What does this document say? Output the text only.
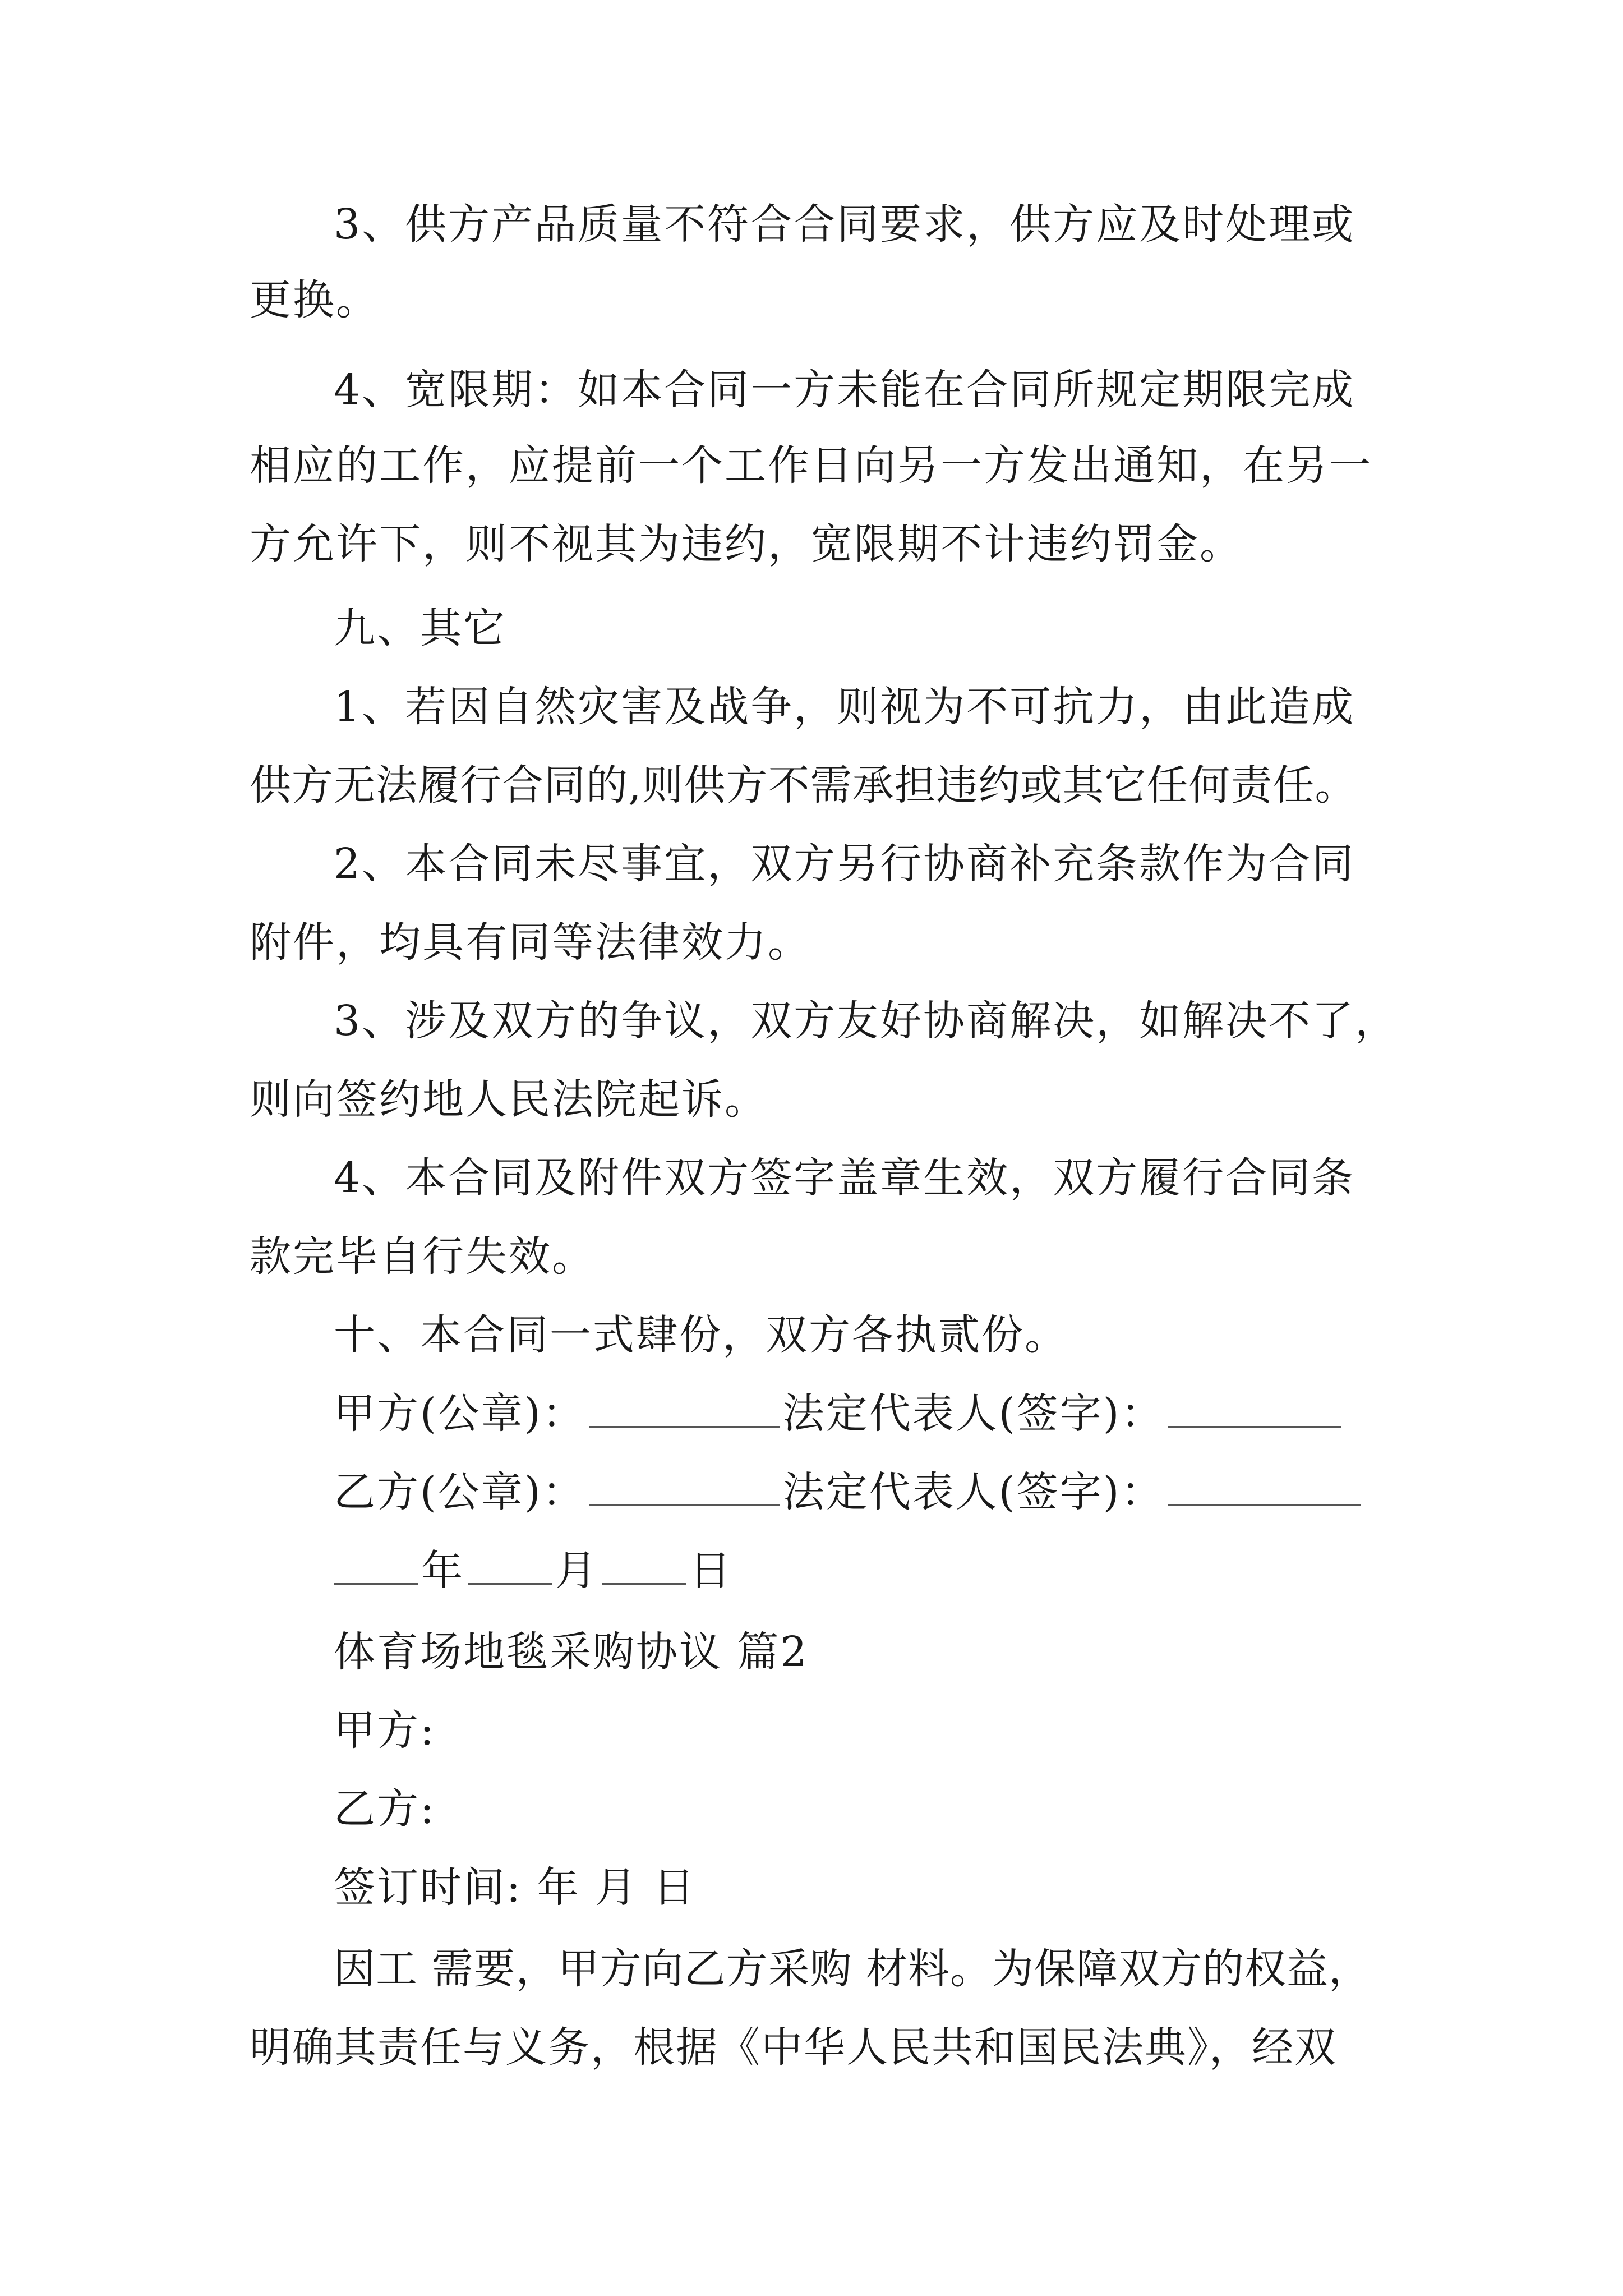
3、供方产品质量不符合合同要求，供方应及时处理或
更换。
4、宽限期：如本合同一方未能在合同所规定期限完成
相应的工作，应提前一个工作日向另一方发出通知，在另一
方允许下，则不视其为违约，宽限期不计违约罚金。
九、其它
1、若因自然灾害及战争，则视为不可抗力，由此造成
供方无法履行合同的,则供方不需承担违约或其它任何责任。
2、本合同未尽事宜，双方另行协商补充条款作为合同
附件，均具有同等法律效力。
3、涉及双方的争议，双方友好协商解决，如解决不了，
则向签约地人民法院起诉。
4、本合同及附件双方签字盖章生效，双方履行合同条
款完毕自行失效。
十、本合同一式肆份，双方各执贰份。
甲方(公章)：	法定代表人(签字)：
乙方(公章)：	法定代表人(签字)：
年 月 日
体育场地毯采购协议 篇2
甲方:
乙方:
签订时间: 年 月 日
因工 需要，甲方向乙方采购 材料。为保障双方的权益，
明确其责任与义务，根据《中华人民共和国民法典》，经双
